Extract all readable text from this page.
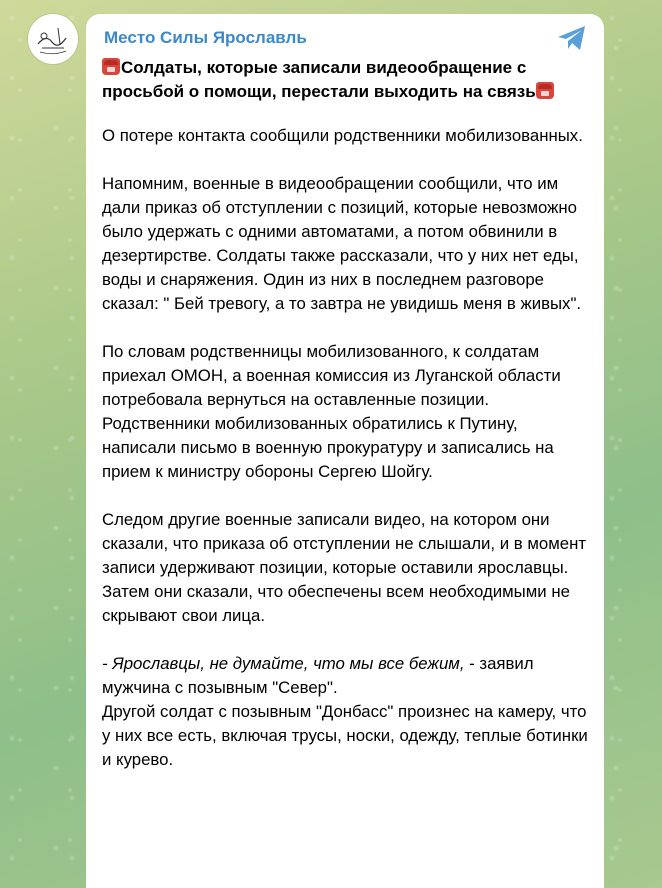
Место Силы Ярославль
Солдаты, которые записали видеообращение с просьбой о помощи, перестали выходить на связь

О потере контакта сообщили родственники мобилизованных.

Напомним, военные в видеообращении сообщили, что им дали приказ об отступлении с позиций, которые невозможно было удержать с одними автоматами, а потом обвинили в дезертирстве. Солдаты также рассказали, что у них нет еды, воды и снаряжения. Один из них в последнем разговоре сказал: " Бей тревогу, а то завтра не увидишь меня в живых".

По словам родственницы мобилизованного, к солдатам приехал ОМОН, а военная комиссия из Луганской области потребовала вернуться на оставленные позиции. Родственники мобилизованных обратились к Путину, написали письмо в военную прокуратуру и записались на прием к министру обороны Сергею Шойгу.

Следом другие военные записали видео, на котором они сказали, что приказа об отступлении не слышали, и в момент записи удерживают позиции, которые оставили ярославцы. Затем они сказали, что обеспечены всем необходимыми не скрывают свои лица.

- Ярославцы, не думайте, что мы все бежим, - заявил мужчина с позывным "Север".

Другой солдат с позывным "Донбасс" произнес на камеру, что у них все есть, включая трусы, носки, одежду, теплые ботинки и курево.
